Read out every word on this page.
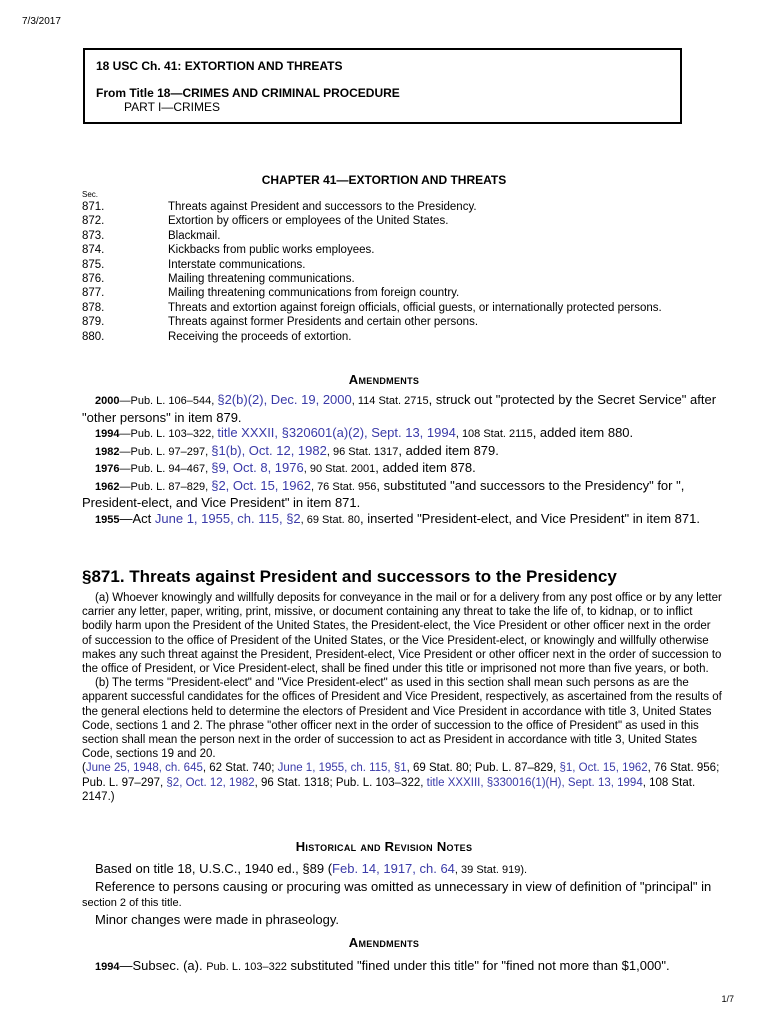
7/3/2017
18 USC Ch. 41: EXTORTION AND THREATS
From Title 18—CRIMES AND CRIMINAL PROCEDURE
PART I—CRIMES
CHAPTER 41—EXTORTION AND THREATS
Sec.
871.	Threats against President and successors to the Presidency.
872.	Extortion by officers or employees of the United States.
873.	Blackmail.
874.	Kickbacks from public works employees.
875.	Interstate communications.
876.	Mailing threatening communications.
877.	Mailing threatening communications from foreign country.
878.	Threats and extortion against foreign officials, official guests, or internationally protected persons.
879.	Threats against former Presidents and certain other persons.
880.	Receiving the proceeds of extortion.
Amendments
2000—Pub. L. 106–544, §2(b)(2), Dec. 19, 2000, 114 Stat. 2715, struck out "protected by the Secret Service" after "other persons" in item 879.
1994—Pub. L. 103–322, title XXXII, §320601(a)(2), Sept. 13, 1994, 108 Stat. 2115, added item 880.
1982—Pub. L. 97–297, §1(b), Oct. 12, 1982, 96 Stat. 1317, added item 879.
1976—Pub. L. 94–467, §9, Oct. 8, 1976, 90 Stat. 2001, added item 878.
1962—Pub. L. 87–829, §2, Oct. 15, 1962, 76 Stat. 956, substituted "and successors to the Presidency" for ", President-elect, and Vice President" in item 871.
1955—Act June 1, 1955, ch. 115, §2, 69 Stat. 80, inserted "President-elect, and Vice President" in item 871.
§871. Threats against President and successors to the Presidency
(a) Whoever knowingly and willfully deposits for conveyance in the mail or for a delivery from any post office or by any letter carrier any letter, paper, writing, print, missive, or document containing any threat to take the life of, to kidnap, or to inflict bodily harm upon the President of the United States, the President-elect, the Vice President or other officer next in the order of succession to the office of President of the United States, or the Vice President-elect, or knowingly and willfully otherwise makes any such threat against the President, President-elect, Vice President or other officer next in the order of succession to the office of President, or Vice President-elect, shall be fined under this title or imprisoned not more than five years, or both.
(b) The terms "President-elect" and "Vice President-elect" as used in this section shall mean such persons as are the apparent successful candidates for the offices of President and Vice President, respectively, as ascertained from the results of the general elections held to determine the electors of President and Vice President in accordance with title 3, United States Code, sections 1 and 2. The phrase "other officer next in the order of succession to the office of President" as used in this section shall mean the person next in the order of succession to act as President in accordance with title 3, United States Code, sections 19 and 20.
(June 25, 1948, ch. 645, 62 Stat. 740; June 1, 1955, ch. 115, §1, 69 Stat. 80; Pub. L. 87–829, §1, Oct. 15, 1962, 76 Stat. 956; Pub. L. 97–297, §2, Oct. 12, 1982, 96 Stat. 1318; Pub. L. 103–322, title XXXIII, §330016(1)(H), Sept. 13, 1994, 108 Stat. 2147.)
Historical and Revision Notes
Based on title 18, U.S.C., 1940 ed., §89 (Feb. 14, 1917, ch. 64, 39 Stat. 919).
Reference to persons causing or procuring was omitted as unnecessary in view of definition of "principal" in section 2 of this title.
Minor changes were made in phraseology.
Amendments
1994—Subsec. (a). Pub. L. 103–322 substituted "fined under this title" for "fined not more than $1,000".
1/7
